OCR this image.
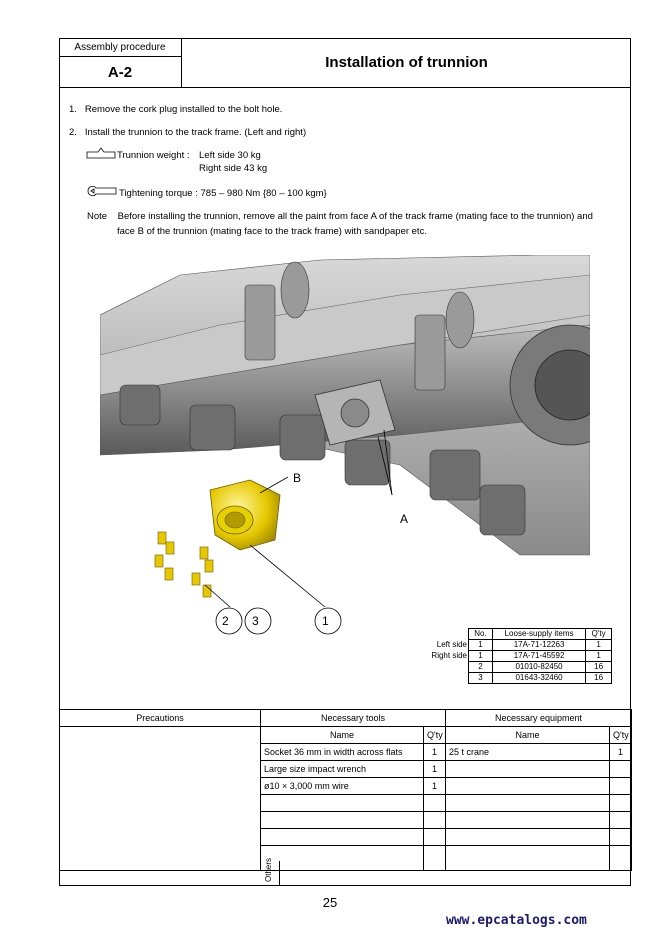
Assembly procedure
A-2
Installation of trunnion
1. Remove the cork plug installed to the bolt hole.
2. Install the trunnion to the track frame. (Left and right)
Trunnion weight : Left side 30 kg
Right side 43 kg
Tightening torque : 785 – 980 Nm {80 – 100 kgm}
Note Before installing the trunnion, remove all the paint from face A of the track frame (mating face to the trunnion) and
face B of the trunnion (mating face to the track frame) with sandpaper etc.
B
A
2 3	1
Left side
Right side
No.	Loose-supply items	Q'ty
1	17A-71-12263	1
1	17A-71-45592	1
2	01010-82450	16
3	01643-32460	16
Precautions	Necessary tools		Necessary equipment	
	Name	Q'ty	Name	Q'ty
	Socket 36 mm in width across flats	1	25 t crane	1
	Large size impact wrench	1		
	ø10 × 3,000 mm wire	1		

Others
25
www.epcatalogs.com
